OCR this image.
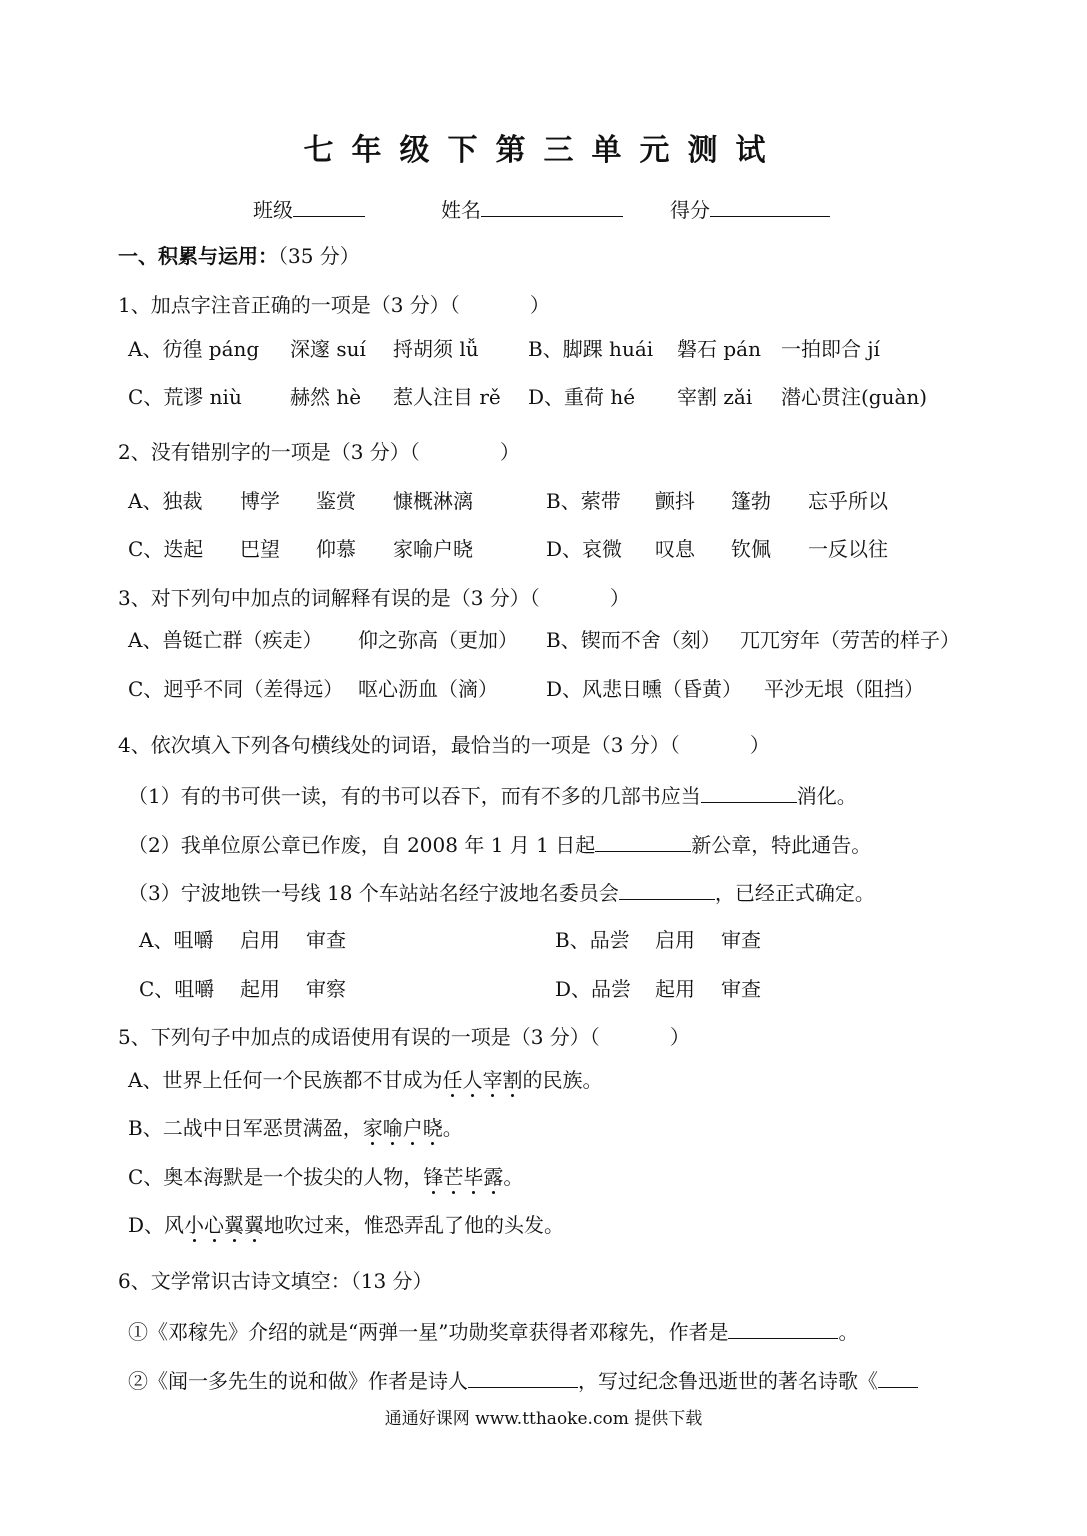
七年级下第三单元测试
班级	姓名	得分
一、积累与运用：（35 分）
1、加点字注音正确的一项是（3 分）（	）
A、彷徨 páng 深邃 suí 捋胡须 lǚ B、脚踝 huái 磐石 pán 一拍即合 jí
C、荒谬 niù 赫然 hè 惹人注目 rě D、重荷 hé 宰割 zǎi 潜心贯注(guàn)
2、没有错别字的一项是（3 分）（	）
A、独裁 博学 鉴赏 慷概淋漓	B、萦带 颤抖 篷勃 忘乎所以
C、迭起 巴望 仰慕 家喻户晓	D、哀微 叹息 钦佩 一反以往
3、对下列句中加点的词解释有误的是（3 分）（	）
A、兽铤亡群（疾走） 仰之弥高（更加） B、锲而不舍（刻） 兀兀穷年（劳苦的样子）
C、迥乎不同（差得远） 呕心沥血（滴） D、风悲日曛（昏黄） 平沙无垠（阻挡）
4、依次填入下列各句横线处的词语，最恰当的一项是（3 分）（	）
（1）有的书可供一读，有的书可以吞下，而有不多的几部书应当	消化。
（2）我单位原公章已作废，自 2008 年 1 月 1 日起	新公章，特此通告。
（3）宁波地铁一号线 18 个车站站名经宁波地名委员会	，已经正式确定。
A、咀嚼 启用 审查	B、品尝 启用 审查
C、咀嚼 起用 审察	D、品尝 起用 审查
5、下列句子中加点的成语使用有误的一项是（3 分）（	）
A、世界上任何一个民族都不甘成为任人宰割的民族。
B、二战中日军恶贯满盈，家喻户晓。
C、奥本海默是一个拔尖的人物，锋芒毕露。
D、风小心翼翼地吹过来，惟恐弄乱了他的头发。
6、文学常识古诗文填空：（13 分）
①《邓稼先》介绍的就是“两弹一星”功勋奖章获得者邓稼先，作者是	。
②《闻一多先生的说和做》作者是诗人	，写过纪念鲁迅逝世的著名诗歌《
通通好课网 www.tthaoke.com 提供下载
